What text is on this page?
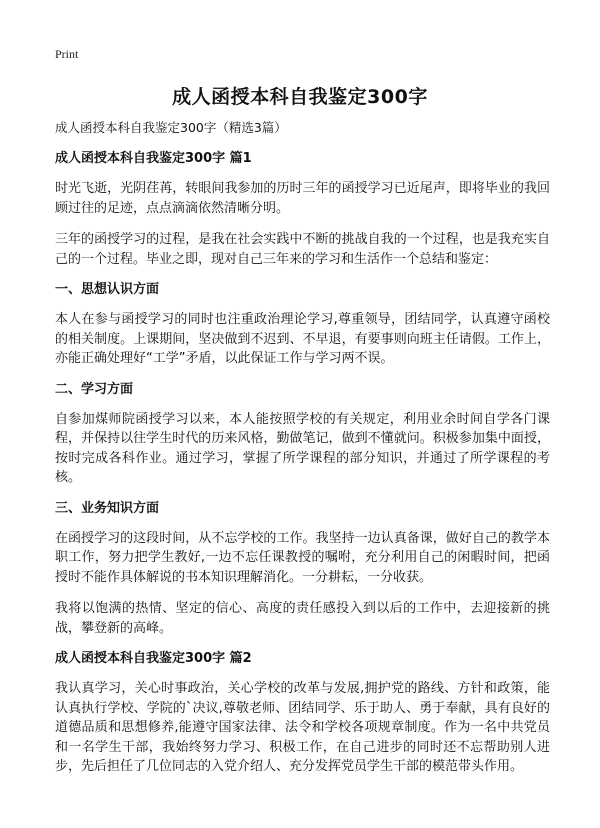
Print
成人函授本科自我鉴定300字

成人函授本科自我鉴定300字（精选3篇）

成人函授本科自我鉴定300字 篇1

时光飞逝，光阴荏苒，转眼间我参加的历时三年的函授学习已近尾声，即将毕业的我回顾过往的足迹，点点滴滴依然清晰分明。

三年的函授学习的过程，是我在社会实践中不断的挑战自我的一个过程，也是我充实自己的一个过程。毕业之即，现对自己三年来的学习和生活作一个总结和鉴定：

一、思想认识方面

本人在参与函授学习的同时也注重政治理论学习,尊重领导，团结同学，认真遵守函校的相关制度。上课期间，坚决做到不迟到、不早退，有要事则向班主任请假。工作上，亦能正确处理好“工学”矛盾，以此保证工作与学习两不误。

二、学习方面

自参加煤师院函授学习以来，本人能按照学校的有关规定，利用业余时间自学各门课程，并保持以往学生时代的历来风格，勤做笔记，做到不懂就问。积极参加集中面授，按时完成各科作业。通过学习，掌握了所学课程的部分知识，并通过了所学课程的考核。

三、业务知识方面

在函授学习的这段时间，从不忘学校的工作。我坚持一边认真备课，做好自己的教学本职工作，努力把学生教好,一边不忘任课教授的嘱咐，充分利用自己的闲暇时间，把函授时不能作具体解说的书本知识理解消化。一分耕耘，一分收获。

我将以饱满的热情、坚定的信心、高度的责任感投入到以后的工作中，去迎接新的挑战，攀登新的高峰。

成人函授本科自我鉴定300字 篇2

我认真学习，关心时事政治，关心学校的改革与发展,拥护党的路线、方针和政策，能认真执行学校、学院的`决议,尊敬老师、团结同学、乐于助人、勇于奉献，具有良好的道德品质和思想修养,能遵守国家法律、法令和学校各项规章制度。作为一名中共党员和一名学生干部，我始终努力学习、积极工作，在自己进步的同时还不忘帮助别人进步，先后担任了几位同志的入党介绍人、充分发挥党员学生干部的模范带头作用。
